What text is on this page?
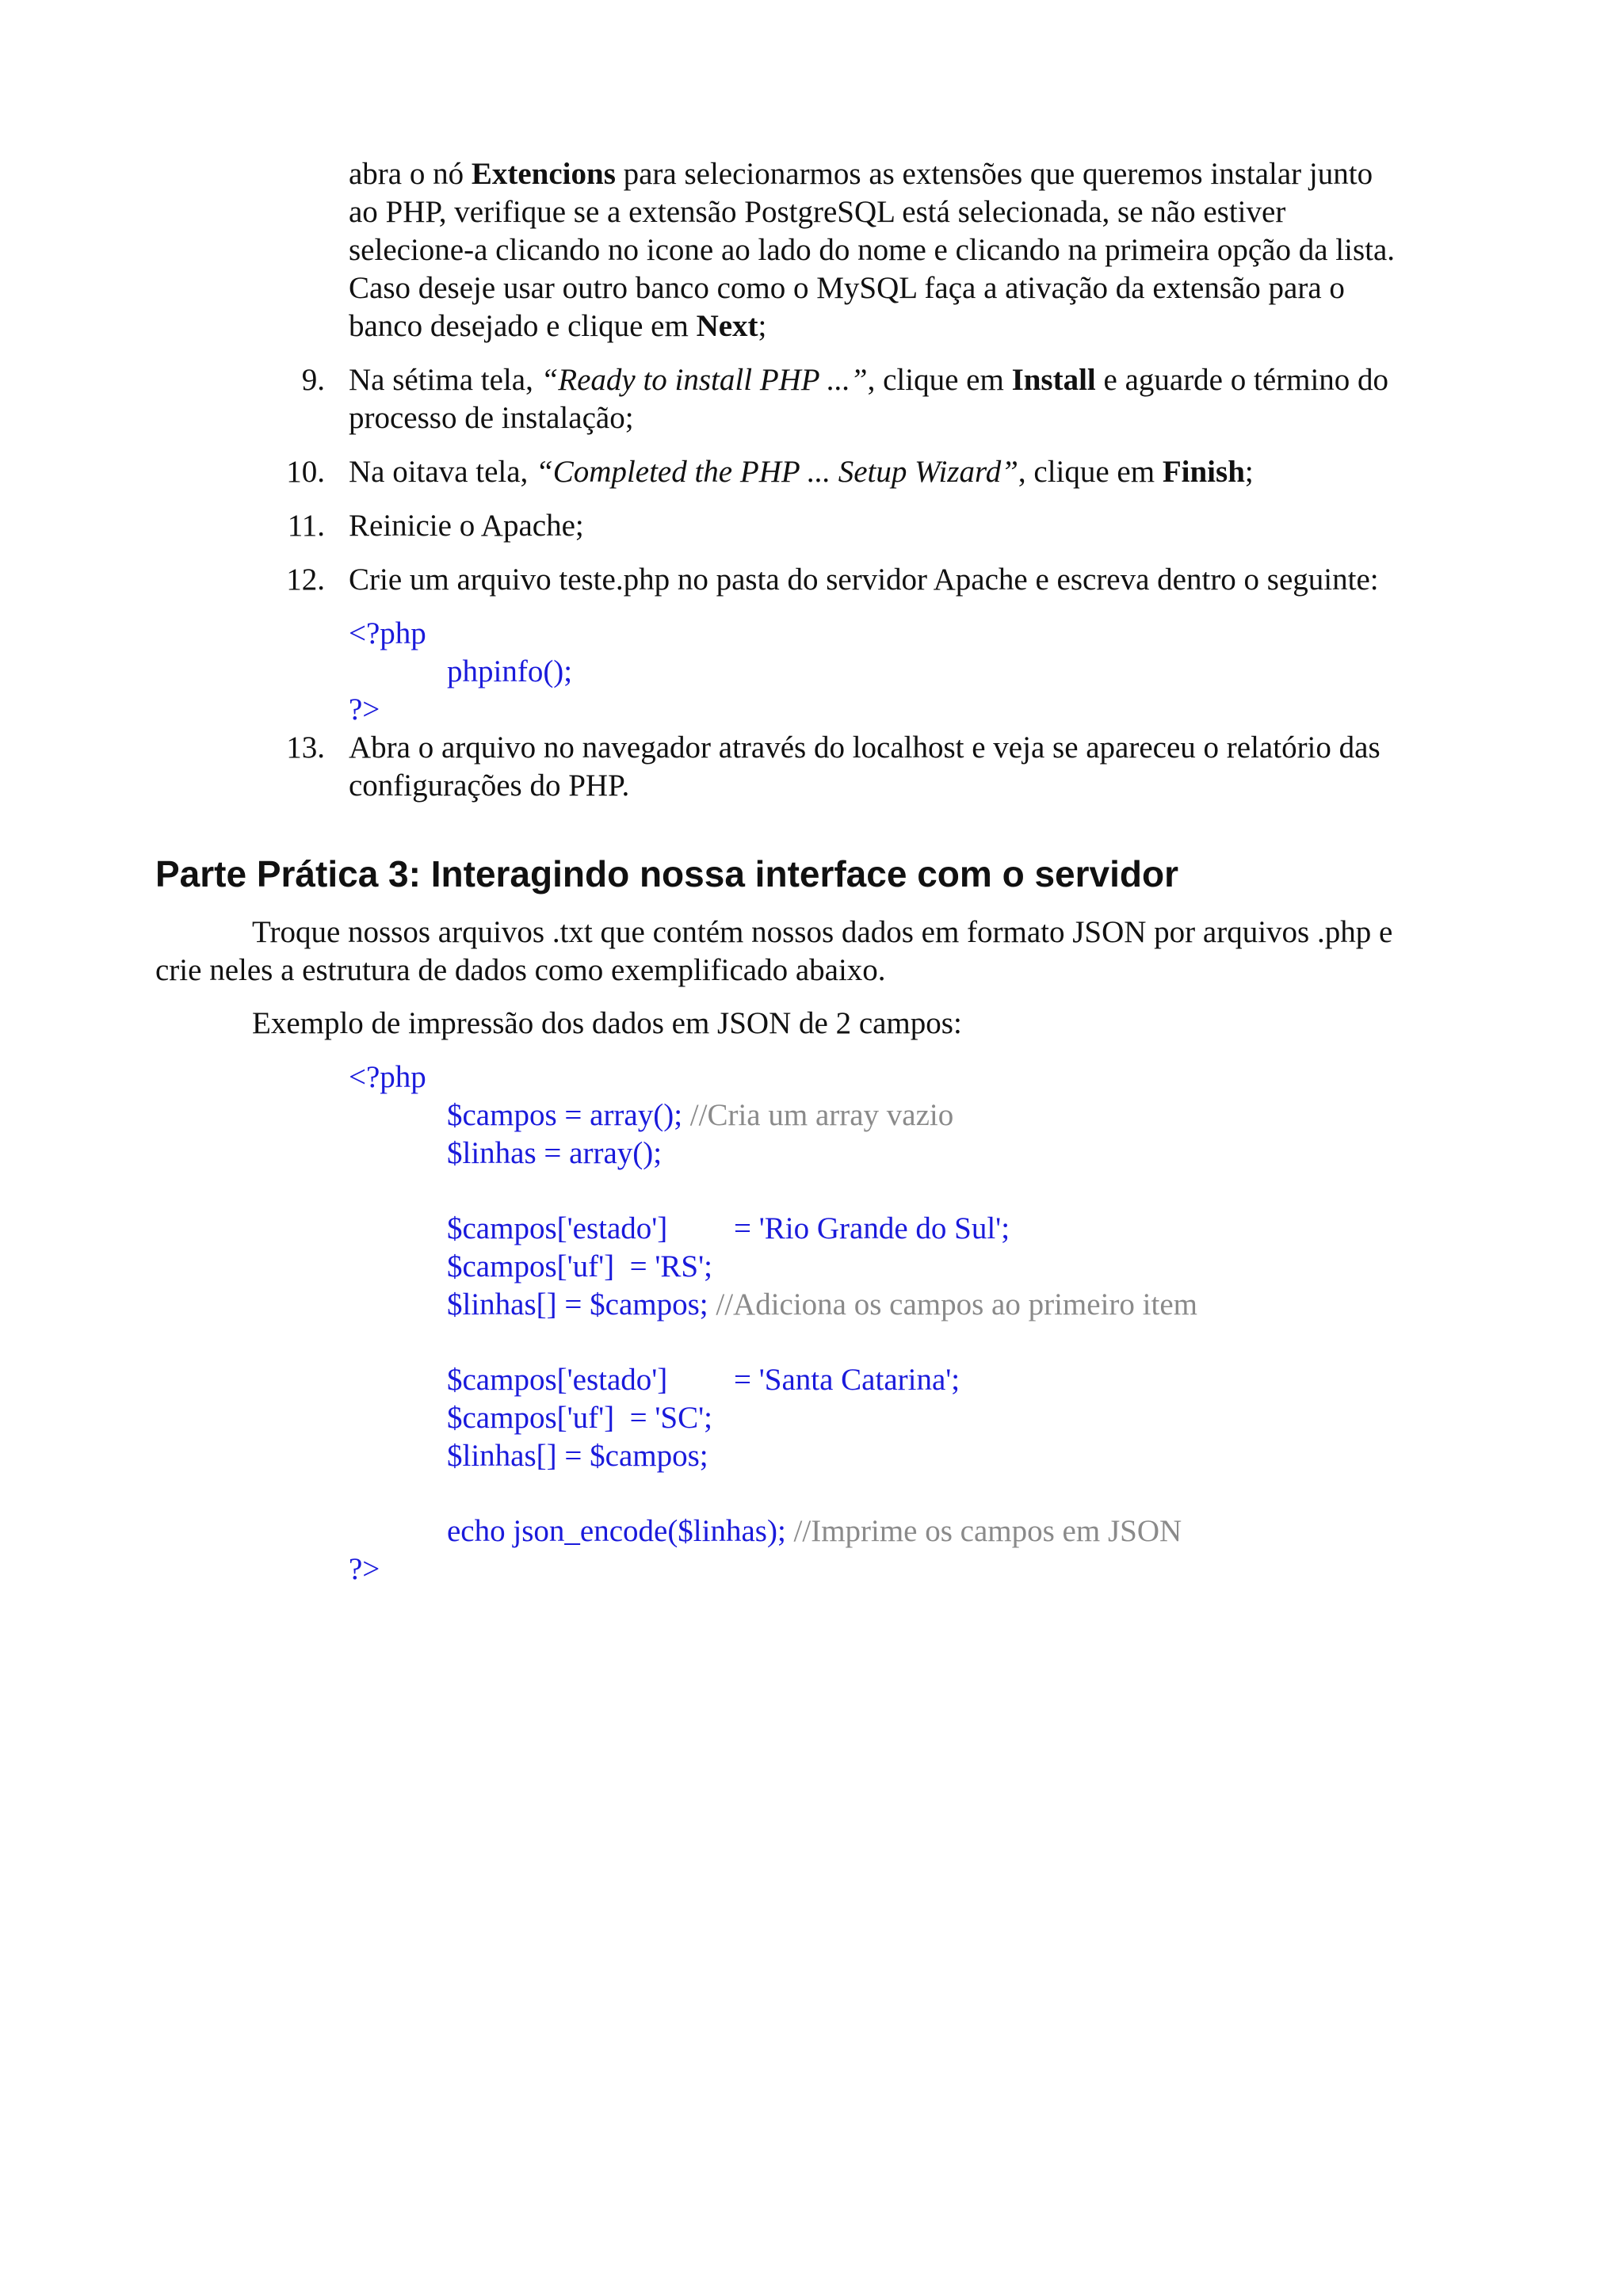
abra o nó Extencions para selecionarmos as extensões que queremos instalar junto
ao PHP, verifique se a extensão PostgreSQL está selecionada, se não estiver
selecione-a clicando no icone ao lado do nome e clicando na primeira opção da lista.
Caso deseje usar outro banco como o MySQL faça a ativação da extensão para o
banco desejado e clique em Next;
9. Na sétima tela, “Ready to install PHP ...”, clique em Install e aguarde o término do
processo de instalação;
10. Na oitava tela, “Completed the PHP ... Setup Wizard”, clique em Finish;
11. Reinicie o Apache;
12. Crie um arquivo teste.php no pasta do servidor Apache e escreva dentro o seguinte:
<?php
phpinfo();
?>
13. Abra o arquivo no navegador através do localhost e veja se apareceu o relatório das
configurações do PHP.
Parte Prática 3: Interagindo nossa interface com o servidor
Troque nossos arquivos .txt que contém nossos dados em formato JSON por arquivos .php e
crie neles a estrutura de dados como exemplificado abaixo.
Exemplo de impressão dos dados em JSON de 2 campos:
<?php
$campos = array(); //Cria um array vazio
$linhas = array();
$campos['estado'] = 'Rio Grande do Sul';
$campos['uf']  = 'RS';
$linhas[] = $campos; //Adiciona os campos ao primeiro item
$campos['estado'] = 'Santa Catarina';
$campos['uf']  = 'SC';
$linhas[] = $campos;
echo json_encode($linhas); //Imprime os campos em JSON
?>
